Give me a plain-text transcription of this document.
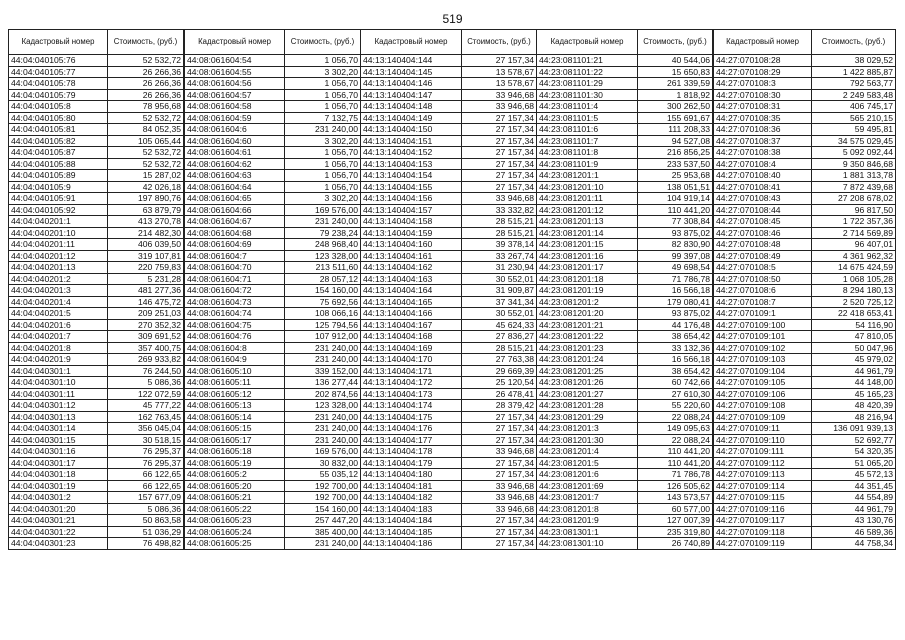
519
Кадастровый номер	Стоимость, (руб.)
44:04:040105:76	52 532,72
44:04:040105:77	26 266,36
44:04:040105:78	26 266,36
44:04:040105:79	26 266,36
44:04:040105:8	78 956,68
44:04:040105:80	52 532,72
44:04:040105:81	84 052,35
44:04:040105:82	105 065,44
44:04:040105:87	52 532,72
44:04:040105:88	52 532,72
44:04:040105:89	15 287,02
44:04:040105:9	42 026,18
44:04:040105:91	197 890,76
44:04:040105:92	63 879,79
44:04:040201:1	413 270,78
44:04:040201:10	214 482,30
44:04:040201:11	406 039,50
44:04:040201:12	319 107,81
44:04:040201:13	220 759,83
44:04:040201:2	5 231,28
44:04:040201:3	481 277,36
44:04:040201:4	146 475,72
44:04:040201:5	209 251,03
44:04:040201:6	270 352,32
44:04:040201:7	309 691,52
44:04:040201:8	357 400,75
44:04:040201:9	269 933,82
44:04:040301:1	76 244,50
44:04:040301:10	5 086,36
44:04:040301:11	122 072,59
44:04:040301:12	45 777,22
44:04:040301:13	162 763,45
44:04:040301:14	356 045,04
44:04:040301:15	30 518,15
44:04:040301:16	76 295,37
44:04:040301:17	76 295,37
44:04:040301:18	66 122,65
44:04:040301:19	66 122,65
44:04:040301:2	157 677,09
44:04:040301:20	5 086,36
44:04:040301:21	50 863,58
44:04:040301:22	51 036,29
44:04:040301:23	76 498,82
Кадастровый номер	Стоимость, (руб.)
44:08:061604:54	1 056,70
44:08:061604:55	3 302,20
44:08:061604:56	1 056,70
44:08:061604:57	1 056,70
44:08:061604:58	1 056,70
44:08:061604:59	7 132,75
44:08:061604:6	231 240,00
44:08:061604:60	3 302,20
44:08:061604:61	1 056,70
44:08:061604:62	1 056,70
44:08:061604:63	1 056,70
44:08:061604:64	1 056,70
44:08:061604:65	3 302,20
44:08:061604:66	169 576,00
44:08:061604:67	231 240,00
44:08:061604:68	79 238,24
44:08:061604:69	248 968,40
44:08:061604:7	123 328,00
44:08:061604:70	213 511,60
44:08:061604:71	28 057,12
44:08:061604:72	154 160,00
44:08:061604:73	75 692,56
44:08:061604:74	108 066,16
44:08:061604:75	125 794,56
44:08:061604:76	107 912,00
44:08:061604:8	231 240,00
44:08:061604:9	231 240,00
44:08:061605:10	339 152,00
44:08:061605:11	136 277,44
44:08:061605:12	202 874,56
44:08:061605:13	123 328,00
44:08:061605:14	231 240,00
44:08:061605:15	231 240,00
44:08:061605:17	231 240,00
44:08:061605:18	169 576,00
44:08:061605:19	30 832,00
44:08:061605:2	55 035,12
44:08:061605:20	192 700,00
44:08:061605:21	192 700,00
44:08:061605:22	154 160,00
44:08:061605:23	257 447,20
44:08:061605:24	385 400,00
44:08:061605:25	231 240,00
Кадастровый номер	Стоимость, (руб.)
44:13:140404:144	27 157,34
44:13:140404:145	13 578,67
44:13:140404:146	13 578,67
44:13:140404:147	33 946,68
44:13:140404:148	33 946,68
44:13:140404:149	27 157,34
44:13:140404:150	27 157,34
44:13:140404:151	27 157,34
44:13:140404:152	27 157,34
44:13:140404:153	27 157,34
44:13:140404:154	27 157,34
44:13:140404:155	27 157,34
44:13:140404:156	33 946,68
44:13:140404:157	33 332,82
44:13:140404:158	28 515,21
44:13:140404:159	28 515,21
44:13:140404:160	39 378,14
44:13:140404:161	33 267,74
44:13:140404:162	31 230,94
44:13:140404:163	30 552,01
44:13:140404:164	31 909,87
44:13:140404:165	37 341,34
44:13:140404:166	30 552,01
44:13:140404:167	45 624,33
44:13:140404:168	27 836,27
44:13:140404:169	28 515,21
44:13:140404:170	27 763,38
44:13:140404:171	29 669,39
44:13:140404:172	25 120,54
44:13:140404:173	26 478,41
44:13:140404:174	28 379,42
44:13:140404:175	27 157,34
44:13:140404:176	27 157,34
44:13:140404:177	27 157,34
44:13:140404:178	33 946,68
44:13:140404:179	27 157,34
44:13:140404:180	27 157,34
44:13:140404:181	33 946,68
44:13:140404:182	33 946,68
44:13:140404:183	33 946,68
44:13:140404:184	27 157,34
44:13:140404:185	27 157,34
44:13:140404:186	27 157,34
Кадастровый номер	Стоимость, (руб.)
44:23:081101:21	40 544,06
44:23:081101:22	15 650,83
44:23:081101:29	261 339,59
44:23:081101:30	1 818,92
44:23:081101:4	300 262,50
44:23:081101:5	155 691,67
44:23:081101:6	111 208,33
44:23:081101:7	94 527,08
44:23:081101:8	216 856,25
44:23:081101:9	233 537,50
44:23:081201:1	25 953,68
44:23:081201:10	138 051,51
44:23:081201:11	104 919,14
44:23:081201:12	110 441,20
44:23:081201:13	77 308,84
44:23:081201:14	93 875,02
44:23:081201:15	82 830,90
44:23:081201:16	99 397,08
44:23:081201:17	49 698,54
44:23:081201:18	71 786,78
44:23:081201:19	16 566,18
44:23:081201:2	179 080,41
44:23:081201:20	93 875,02
44:23:081201:21	44 176,48
44:23:081201:22	38 654,42
44:23:081201:23	33 132,36
44:23:081201:24	16 566,18
44:23:081201:25	38 654,42
44:23:081201:26	60 742,66
44:23:081201:27	27 610,30
44:23:081201:28	55 220,60
44:23:081201:29	22 088,24
44:23:081201:3	149 095,63
44:23:081201:30	22 088,24
44:23:081201:4	110 441,20
44:23:081201:5	110 441,20
44:23:081201:6	71 786,78
44:23:081201:69	126 505,62
44:23:081201:7	143 573,57
44:23:081201:8	60 577,00
44:23:081201:9	127 007,39
44:23:081301:1	235 319,80
44:23:081301:10	26 740,89
Кадастровый номер	Стоимость, (руб.)
44:27:070108:28	38 029,52
44:27:070108:29	1 422 885,87
44:27:070108:3	792 563,77
44:27:070108:30	2 249 583,48
44:27:070108:31	406 745,17
44:27:070108:35	565 210,15
44:27:070108:36	59 495,81
44:27:070108:37	34 575 029,45
44:27:070108:38	5 092 092,44
44:27:070108:4	9 350 846,68
44:27:070108:40	1 881 313,78
44:27:070108:41	7 872 439,68
44:27:070108:43	27 208 678,02
44:27:070108:44	96 817,50
44:27:070108:45	1 722 357,36
44:27:070108:46	2 714 569,89
44:27:070108:48	96 407,01
44:27:070108:49	4 361 962,32
44:27:070108:5	14 675 424,59
44:27:070108:50	1 068 105,28
44:27:070108:6	8 294 180,13
44:27:070108:7	2 520 725,12
44:27:070109:1	22 418 653,41
44:27:070109:100	54 116,90
44:27:070109:101	47 810,05
44:27:070109:102	50 047,96
44:27:070109:103	45 979,02
44:27:070109:104	44 961,79
44:27:070109:105	44 148,00
44:27:070109:106	45 165,23
44:27:070109:108	48 420,39
44:27:070109:109	48 216,94
44:27:070109:11	136 091 939,13
44:27:070109:110	52 692,77
44:27:070109:111	54 320,35
44:27:070109:112	51 065,20
44:27:070109:113	45 572,13
44:27:070109:114	44 351,45
44:27:070109:115	44 554,89
44:27:070109:116	44 961,79
44:27:070109:117	43 130,76
44:27:070109:118	46 589,36
44:27:070109:119	44 758,34
